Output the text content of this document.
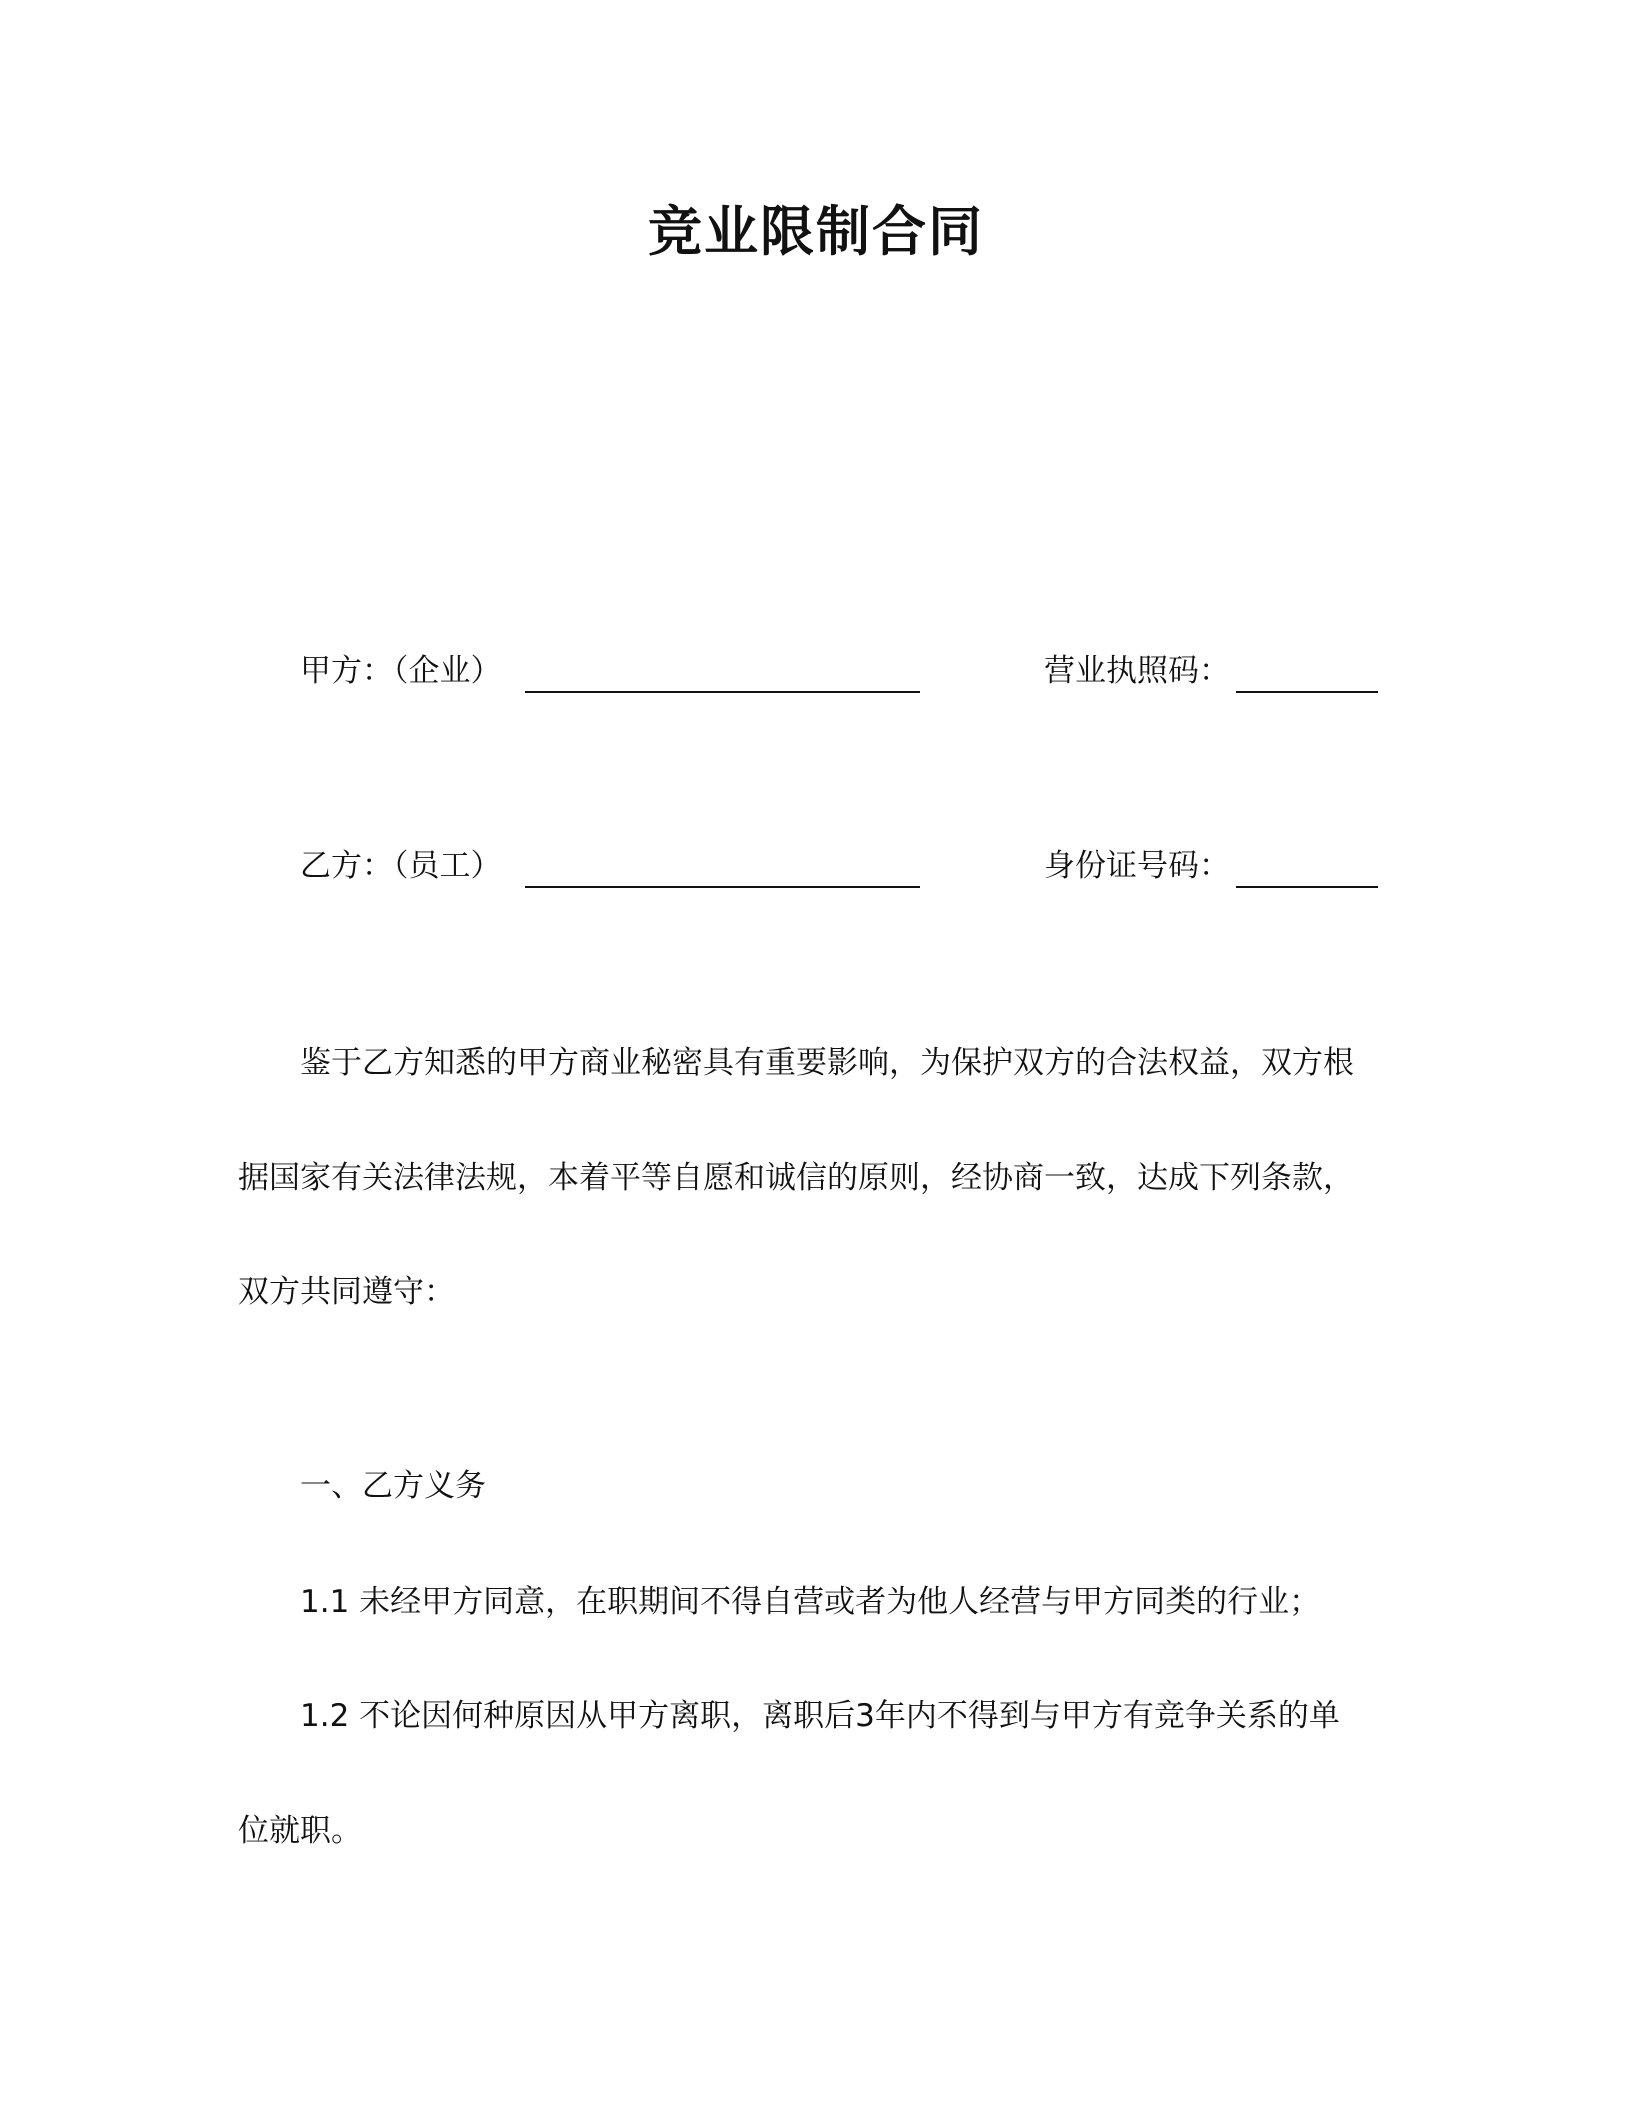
竞业限制合同
甲方：（企业）	营业执照码：
乙方：（员工）	身份证号码：
鉴于乙方知悉的甲方商业秘密具有重要影响，为保护双方的合法权益，双方根
据国家有关法律法规，本着平等自愿和诚信的原则，经协商一致，达成下列条款，
双方共同遵守：
一、乙方义务
1.1 未经甲方同意，在职期间不得自营或者为他人经营与甲方同类的行业；
1.2 不论因何种原因从甲方离职，离职后3年内不得到与甲方有竞争关系的单
位就职。
